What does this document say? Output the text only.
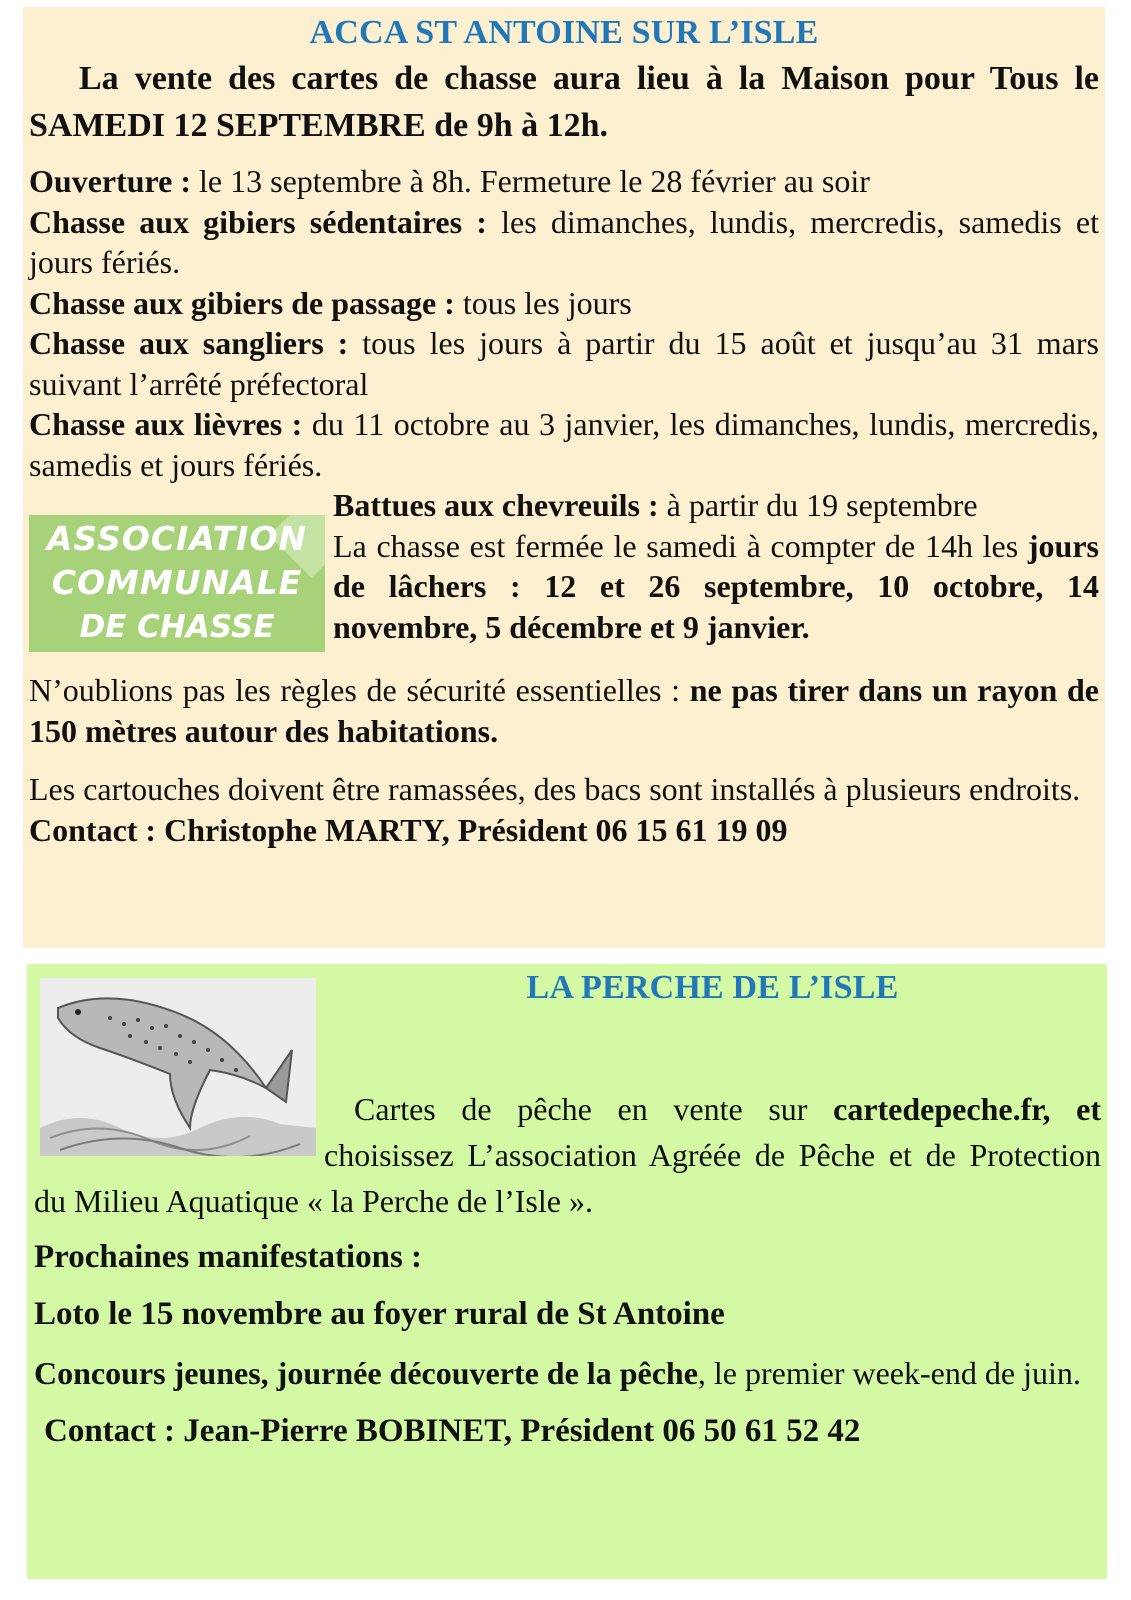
ACCA ST ANTOINE SUR L’ISLE

La vente des cartes de chasse aura lieu à la Maison pour Tous le SAMEDI 12 SEPTEMBRE de 9h à 12h.

Ouverture : le 13 septembre à 8h. Fermeture le 28 février au soir

Chasse aux gibiers sédentaires : les dimanches, lundis, mercredis, samedis et jours fériés.

Chasse aux gibiers de passage : tous les jours

Chasse aux sangliers : tous les jours à partir du 15 août et jusqu’au 31 mars suivant l’arrêté préfectoral

Chasse aux lièvres : du 11 octobre au 3 janvier, les dimanches, lundis, mercredis, samedis et jours fériés.

ASSOCIATION
COMMUNALE
DE CHASSE

Battues aux chevreuils : à partir du 19 septembre

La chasse est fermée le samedi à compter de 14h les jours de lâchers : 12 et 26 septembre, 10 octobre, 14 novembre, 5 décembre et 9 janvier.

N’oublions pas les règles de sécurité essentielles : ne pas tirer dans un rayon de 150 mètres autour des habitations.

Les cartouches doivent être ramassées, des bacs sont installés à plusieurs endroits.

Contact : Christophe MARTY, Président 06 15 61 19 09

LA PERCHE DE L’ISLE

Cartes de pêche en vente sur cartedepeche.fr, et choisissez L’association Agréée de Pêche et de Protection du Milieu Aquatique « la Perche de l’Isle ».

Prochaines manifestations :

Loto le 15 novembre au foyer rural de St Antoine

Concours jeunes, journée découverte de la pêche, le premier week-end de juin.

Contact : Jean-Pierre BOBINET, Président 06 50 61 52 42
